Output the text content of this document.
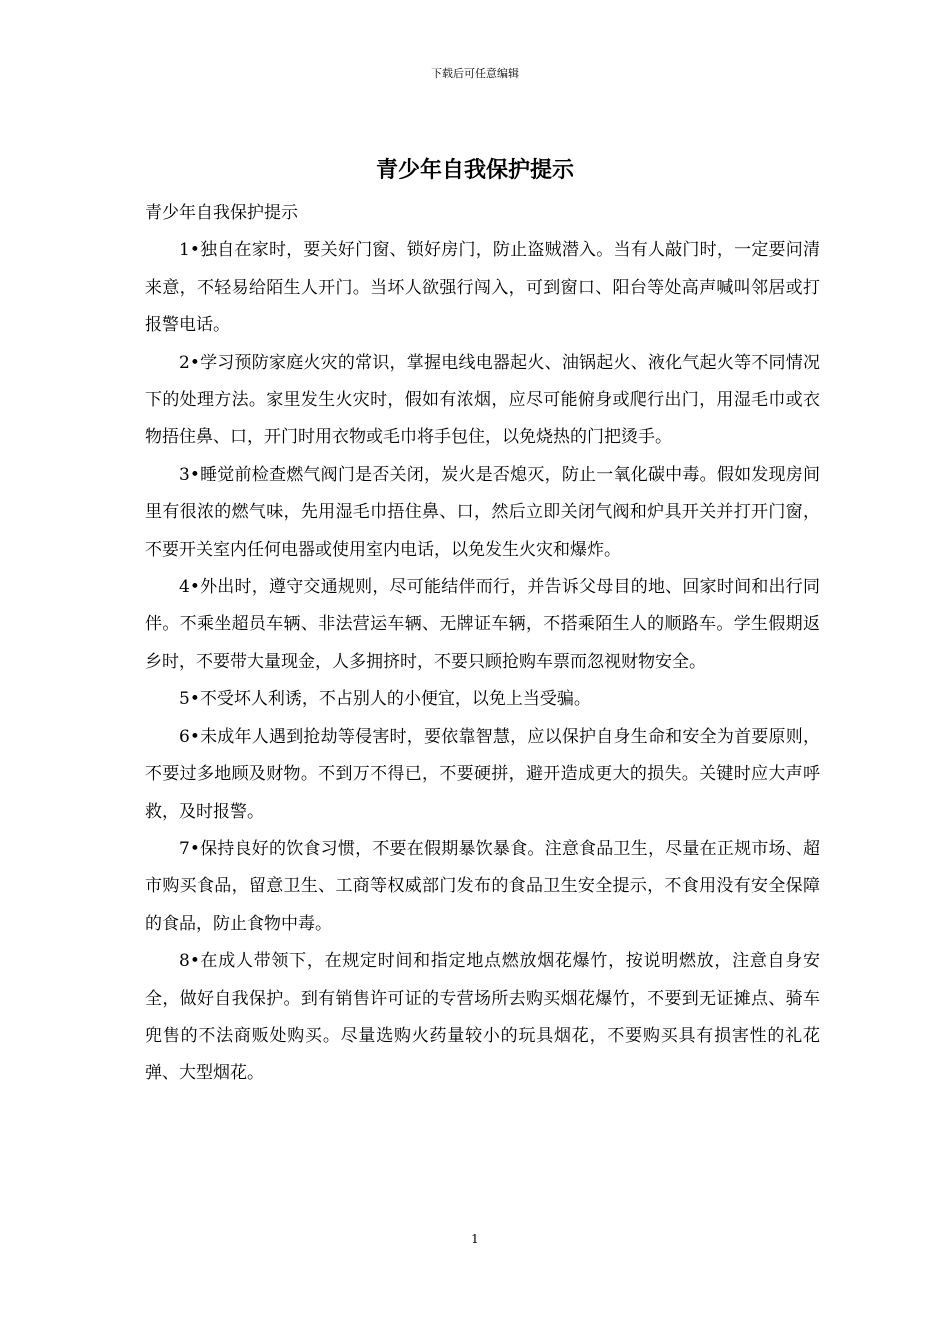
下载后可任意编辑
青少年自我保护提示

青少年自我保护提示

1•独自在家时，要关好门窗、锁好房门，防止盗贼潜入。当有人敲门时，一定要问清来意，不轻易给陌生人开门。当坏人欲强行闯入，可到窗口、阳台等处高声喊叫邻居或打报警电话。

2•学习预防家庭火灾的常识，掌握电线电器起火、油锅起火、液化气起火等不同情况下的处理方法。家里发生火灾时，假如有浓烟，应尽可能俯身或爬行出门，用湿毛巾或衣物捂住鼻、口，开门时用衣物或毛巾将手包住，以免烧热的门把烫手。

3•睡觉前检查燃气阀门是否关闭，炭火是否熄灭，防止一氧化碳中毒。假如发现房间里有很浓的燃气味，先用湿毛巾捂住鼻、口，然后立即关闭气阀和炉具开关并打开门窗，不要开关室内任何电器或使用室内电话，以免发生火灾和爆炸。

4•外出时，遵守交通规则，尽可能结伴而行，并告诉父母目的地、回家时间和出行同伴。不乘坐超员车辆、非法营运车辆、无牌证车辆，不搭乘陌生人的顺路车。学生假期返乡时，不要带大量现金，人多拥挤时，不要只顾抢购车票而忽视财物安全。

5•不受坏人利诱，不占别人的小便宜，以免上当受骗。

6•未成年人遇到抢劫等侵害时，要依靠智慧，应以保护自身生命和安全为首要原则，不要过多地顾及财物。不到万不得已，不要硬拼，避开造成更大的损失。关键时应大声呼救，及时报警。

7•保持良好的饮食习惯，不要在假期暴饮暴食。注意食品卫生，尽量在正规市场、超市购买食品，留意卫生、工商等权威部门发布的食品卫生安全提示，不食用没有安全保障的食品，防止食物中毒。

8•在成人带领下，在规定时间和指定地点燃放烟花爆竹，按说明燃放，注意自身安全，做好自我保护。到有销售许可证的专营场所去购买烟花爆竹，不要到无证摊点、骑车兜售的不法商贩处购买。尽量选购火药量较小的玩具烟花，不要购买具有损害性的礼花弹、大型烟花。

1
